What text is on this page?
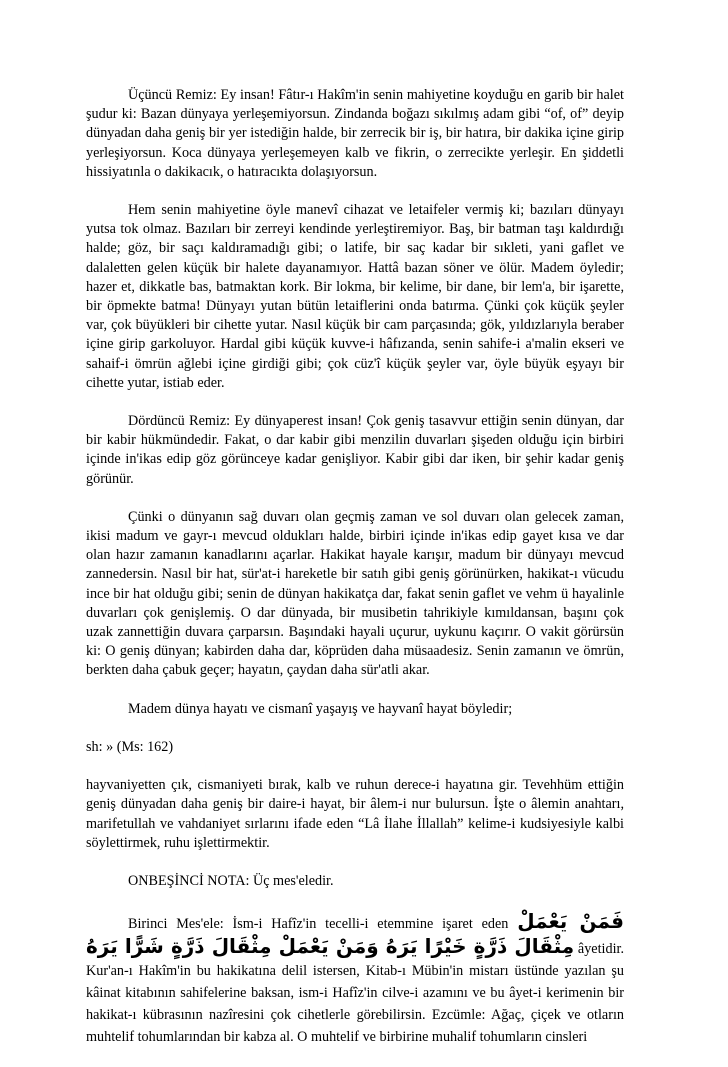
Üçüncü Remiz: Ey insan! Fâtır-ı Hakîm'in senin mahiyetine koyduğu en garib bir halet şudur ki: Bazan dünyaya yerleşemiyorsun. Zindanda boğazı sıkılmış adam gibi “of, of” deyip dünyadan daha geniş bir yer istediğin halde, bir zerrecik bir iş, bir hatıra, bir dakika içine girip yerleşiyorsun. Koca dünyaya yerleşemeyen kalb ve fikrin, o zerrecikte yerleşir. En şiddetli hissiyatınla o dakikacık, o hatıracıkta dolaşıyorsun.

Hem senin mahiyetine öyle manevî cihazat ve letaifeler vermiş ki; bazıları dünyayı yutsa tok olmaz. Bazıları bir zerreyi kendinde yerleştiremiyor. Baş, bir batman taşı kaldırdığı halde; göz, bir saçı kaldıramadığı gibi; o latife, bir saç kadar bir sıkleti, yani gaflet ve dalaletten gelen küçük bir halete dayanamıyor. Hattâ bazan söner ve ölür. Madem öyledir; hazer et, dikkatle bas, batmaktan kork. Bir lokma, bir kelime, bir dane, bir lem'a, bir işarette, bir öpmekte batma! Dünyayı yutan bütün letaiflerini onda batırma. Çünki çok küçük şeyler var, çok büyükleri bir cihette yutar. Nasıl küçük bir cam parçasında; gök, yıldızlarıyla beraber içine girip garkoluyor. Hardal gibi küçük kuvve-i hâfızanda, senin sahife-i a'malin ekseri ve sahaif-i ömrün ağlebi içine girdiği gibi; çok cüz'î küçük şeyler var, öyle büyük eşyayı bir cihette yutar, istiab eder.

Dördüncü Remiz: Ey dünyaperest insan! Çok geniş tasavvur ettiğin senin dünyan, dar bir kabir hükmündedir. Fakat, o dar kabir gibi menzilin duvarları şişeden olduğu için birbiri içinde in'ikas edip göz görünceye kadar genişliyor. Kabir gibi dar iken, bir şehir kadar geniş görünür.

Çünki o dünyanın sağ duvarı olan geçmiş zaman ve sol duvarı olan gelecek zaman, ikisi madum ve gayr-ı mevcud oldukları halde, birbiri içinde in'ikas edip gayet kısa ve dar olan hazır zamanın kanadlarını açarlar. Hakikat hayale karışır, madum bir dünyayı mevcud zannedersin. Nasıl bir hat, sür'at-i hareketle bir satıh gibi geniş görünürken, hakikat-ı vücudu ince bir hat olduğu gibi; senin de dünyan hakikatça dar, fakat senin gaflet ve vehm ü hayalinle duvarları çok genişlemiş. O dar dünyada, bir musibetin tahrikiyle kımıldansan, başını çok uzak zannettiğin duvara çarparsın. Başındaki hayali uçurur, uykunu kaçırır. O vakit görürsün ki: O geniş dünyan; kabirden daha dar, köprüden daha müsaadesiz. Senin zamanın ve ömrün, berkten daha çabuk geçer; hayatın, çaydan daha sür'atli akar.

Madem dünya hayatı ve cismanî yaşayış ve hayvanî hayat böyledir;

sh: » (Ms: 162)

hayvaniyetten çık, cismaniyeti bırak, kalb ve ruhun derece-i hayatına gir. Tevehhüm ettiğin geniş dünyadan daha geniş bir daire-i hayat, bir âlem-i nur bulursun. İşte o âlemin anahtarı, marifetullah ve vahdaniyet sırlarını ifade eden “Lâ İlahe İllallah” kelime-i kudsiyesiyle kalbi söylettirmek, ruhu işlettirmektir.

ONBEŞİNCİ NOTA: Üç mes'eledir.

Birinci Mes'ele: İsm-i Hafîz'in tecelli-i etemmine işaret eden فَمَنْ يَعْمَلْ مِثْقَالَ ذَرَّةٍ خَيْرًا يَرَهُ وَمَنْ يَعْمَلْ مِثْقَالَ ذَرَّةٍ شَرًّا يَرَهُ âyetidir. Kur'an-ı Hakîm'in bu hakikatına delil istersen, Kitab-ı Mübin'in mistarı üstünde yazılan şu kâinat kitabının sahifelerine baksan, ism-i Hafîz'in cilve-i azamını ve bu âyet-i kerimenin bir hakikat-ı kübrasının nazîresini çok cihetlerle görebilirsin. Ezcümle: Ağaç, çiçek ve otların muhtelif tohumlarından bir kabza al. O muhtelif ve birbirine muhalif tohumların cinsleri
